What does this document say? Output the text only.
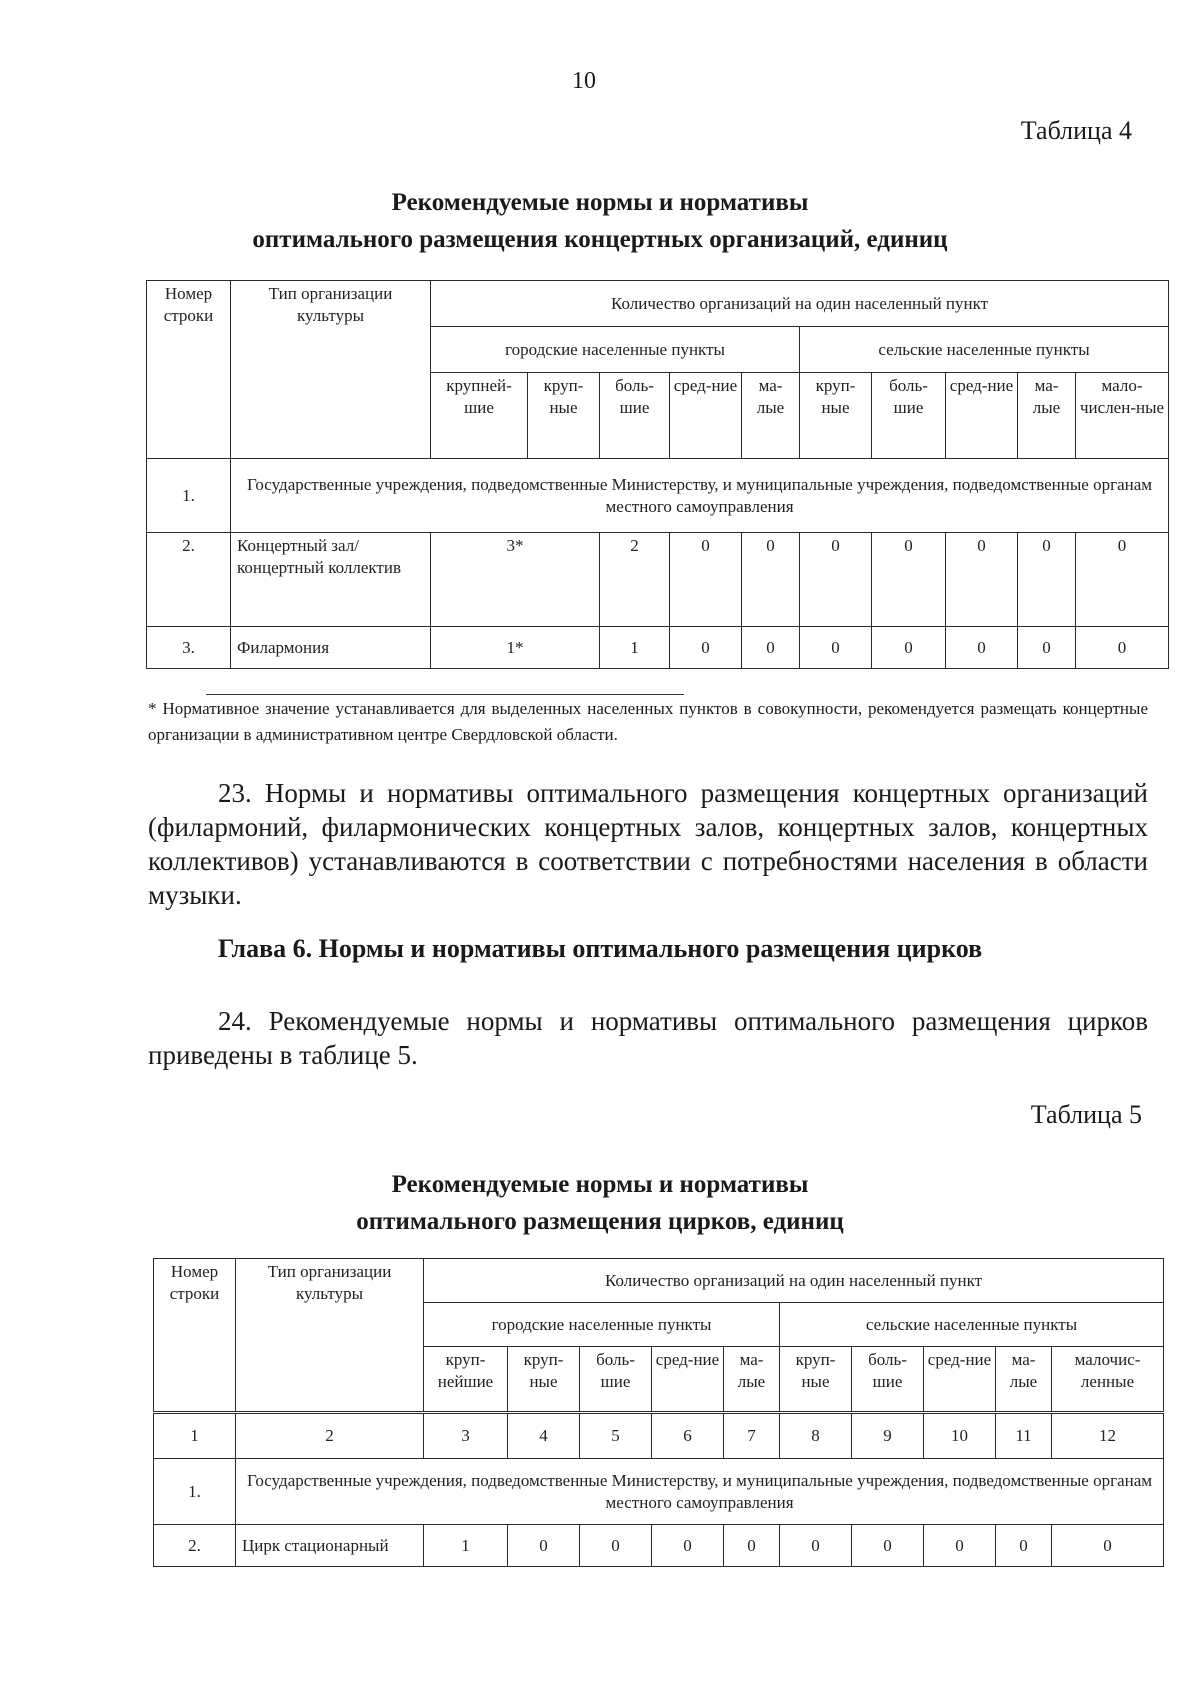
10
Таблица 4
Рекомендуемые нормы и нормативы
оптимального размещения концертных организаций, единиц
Номер строки	Тип организации культуры	Количество организаций на один населенный пункт									
		городские населенные пункты					сельские населенные пункты				
		крупней-шие	круп-ные	боль-шие	сред-ние	ма-лые	круп-ные	боль-шие	сред-ние	ма-лые	мало-числен-ные
1.	Государственные учреждения, подведомственные Министерству, и муниципальные учреждения, подведомственные органам местного самоуправления										
2.	Концертный зал/концертный коллектив	3*		2	0	0	0	0	0	0	0
3.	Филармония	1*		1	0	0	0	0	0	0	0
* Нормативное значение устанавливается для выделенных населенных пунктов в совокупности, рекомендуется размещать концертные организации в административном центре Свердловской области.
23. Нормы и нормативы оптимального размещения концертных организаций (филармоний, филармонических концертных залов, концертных залов, концертных коллективов) устанавливаются в соответствии с потребностями населения в области музыки.
Глава 6. Нормы и нормативы оптимального размещения цирков
24. Рекомендуемые нормы и нормативы оптимального размещения цирков приведены в таблице 5.
Таблица 5
Рекомендуемые нормы и нормативы
оптимального размещения цирков, единиц
Номер строки	Тип организации культуры	Количество организаций на один населенный пункт									
		городские населенные пункты					сельские населенные пункты				
		круп-нейшие	круп-ные	боль-шие	сред-ние	ма-лые	круп-ные	боль-шие	сред-ние	ма-лые	малочис-ленные
1	2	3	4	5	6	7	8	9	10	11	12
1.	Государственные учреждения, подведомственные Министерству, и муниципальные учреждения, подведомственные органам местного самоуправления										
2.	Цирк стационарный	1	0	0	0	0	0	0	0	0	0
